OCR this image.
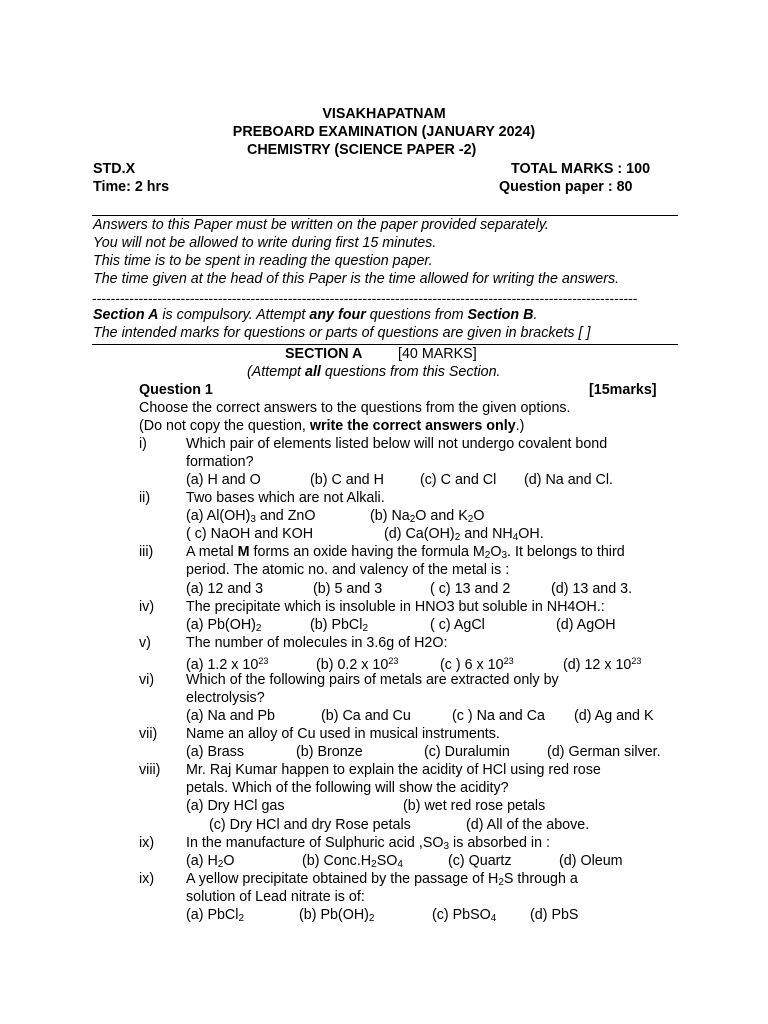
VISAKHAPATNAM
PREBOARD EXAMINATION (JANUARY 2024)
CHEMISTRY (SCIENCE PAPER -2)
STD.X	TOTAL MARKS : 100
Time: 2 hrs	Question paper : 80
Answers to this Paper must be written on the paper provided separately.
You will not be allowed to write during first 15 minutes.
This time is to be spent in reading the question paper.
The time given at the head of this Paper is the time allowed for writing the answers.
---------------------------------------------------------------------------------------------------------------------
Section A is compulsory. Attempt any four questions from Section B.
The intended marks for questions or parts of questions are given in brackets [ ]
SECTION A [40 MARKS]
(Attempt all questions from this Section.
Question 1	[15marks]
Choose the correct answers to the questions from the given options.
(Do not copy the question, write the correct answers only.)
i)	Which pair of elements listed below will not undergo covalent bond
formation?
(a) H and O	(b) C and H	(c) C and Cl (d) Na and Cl.
ii)	Two bases which are not Alkali.
(a) $Al(OH)_3$ and ZnO	(b) $Na_2O$ and $K_2O$
( c) NaOH and KOH	(d) $Ca(OH)_2$ and $NH_4OH$.
iii) A metal M forms an oxide having the formula $M_2O_3$. It belongs to third
period. The atomic no. and valency of the metal is :
(a) 12 and 3	(b) 5 and 3	( c) 13 and 2	(d) 13 and 3.
iv) The precipitate which is insoluble in HNO3 but soluble in NH4OH.:
(a) $Pb(OH)_2$	(b) PbCl$_2$	( c) AgCl	(d) AgOH
v) The number of molecules in 3.6g of H2O:
(a) 1.2 x $10^{23}$	(b) 0.2 x $10^{23}$	(c ) 6 x $10^{23}$	(d) 12 x $10^{23}$
vi) Which of the following pairs of metals are extracted only by
electrolysis?
(a) Na and Pb	(b) Ca and Cu	(c ) Na and Ca (d) Ag and K
vii) Name an alloy of Cu used in musical instruments.
(a) Brass	(b) Bronze	(c) Duralumin	(d) German silver.
viii) Mr. Raj Kumar happen to explain the acidity of HCl using red rose
petals. Which of the following will show the acidity?
(a) Dry HCl gas	(b) wet red rose petals
(c) Dry HCl and dry Rose petals	(d) All of the above.
ix) In the manufacture of Sulphuric acid $,SO_3$ is absorbed in :
(a) $H_2O$	(b) $Conc.H_2SO_4$	(c) Quartz	(d) Oleum
ix) A yellow precipitate obtained by the passage of $H_2S$ through a
solution of Lead nitrate is of:
(a) PbCl$_2$	(b) $Pb(OH)_2$	(c) PbSO$_4$ (d) PbS
